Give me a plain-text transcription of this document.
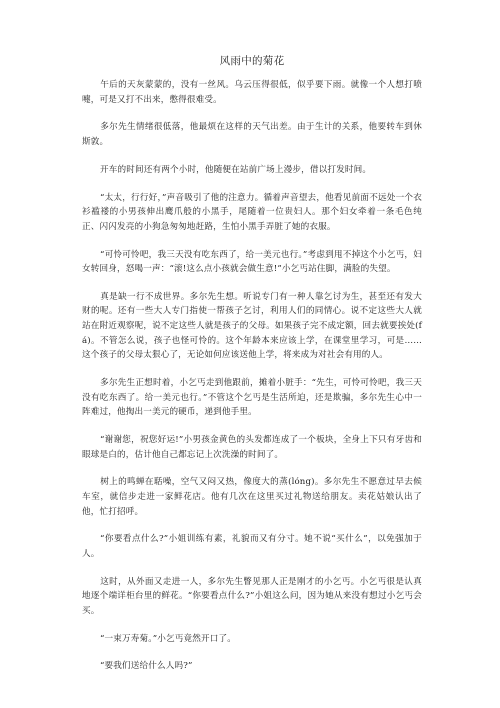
风雨中的菊花

午后的天灰蒙蒙的，没有一丝风。乌云压得很低，似乎要下雨。就像一个人想打喷嚏，可是又打不出来，憋得很难受。

多尔先生情绪很低落，他最烦在这样的天气出差。由于生计的关系，他要转车到休斯敦。

开车的时间还有两个小时，他随便在站前广场上漫步，借以打发时间。

“太太，行行好，”声音吸引了他的注意力。循着声音望去，他看见前面不远处一个衣衫褴褛的小男孩伸出鹰爪般的小黑手，尾随着一位贵妇人。那个妇女牵着一条毛色纯正、闪闪发亮的小狗急匆匆地赶路，生怕小黑手弄脏了她的衣服。

“可怜可怜吧，我三天没有吃东西了，给一美元也行。”考虑到甩不掉这个小乞丐，妇女转回身，怒喝一声：“滚!这么点小孩就会做生意!”小乞丐站住脚，满脸的失望。

真是缺一行不成世界。多尔先生想。听说专门有一种人靠乞讨为生，甚至还有发大财的呢。还有一些大人专门指使一帮孩子乞讨，利用人们的同情心。说不定这些大人就站在附近观察呢，说不定这些人就是孩子的父母。如果孩子完不成定额，回去就要挨处(fá)。不管怎么说，孩子也怪可怜的。这个年龄本来应该上学，在课堂里学习，可是……这个孩子的父母太狠心了，无论如何应该送他上学，将来成为对社会有用的人。

多尔先生正想时着，小乞丐走到他跟前，摊着小脏手：“先生，可怜可怜吧，我三天没有吃东西了。给一美元也行。”不管这个乞丐是生活所迫，还是欺骗，多尔先生心中一阵难过，他掏出一美元的硬币，递到他手里。

“谢谢您，祝您好运!”小男孩金黄色的头发都连成了一个板块，全身上下只有牙齿和眼球是白的，估计他自己都忘记上次洗澡的时间了。

树上的鸣蝉在聒噪，空气又闷又热，像度大的蒸(lóng)。多尔先生不愿意过早去候车室，就信步走进一家鲜花店。他有几次在这里买过礼物送给朋友。卖花姑娘认出了他，忙打招呼。

“你要看点什么?”小姐训练有素，礼貌而又有分寸。她不说“买什么”，以免强加于人。

这时，从外面又走进一人，多尔先生瞥见那人正是刚才的小乞丐。小乞丐很是认真地逐个端详柜台里的鲜花。“你要看点什么?”小姐这么问，因为她从来没有想过小乞丐会买。

“一束万寿菊。”小乞丐竟然开口了。

“要我们送给什么人吗?”
